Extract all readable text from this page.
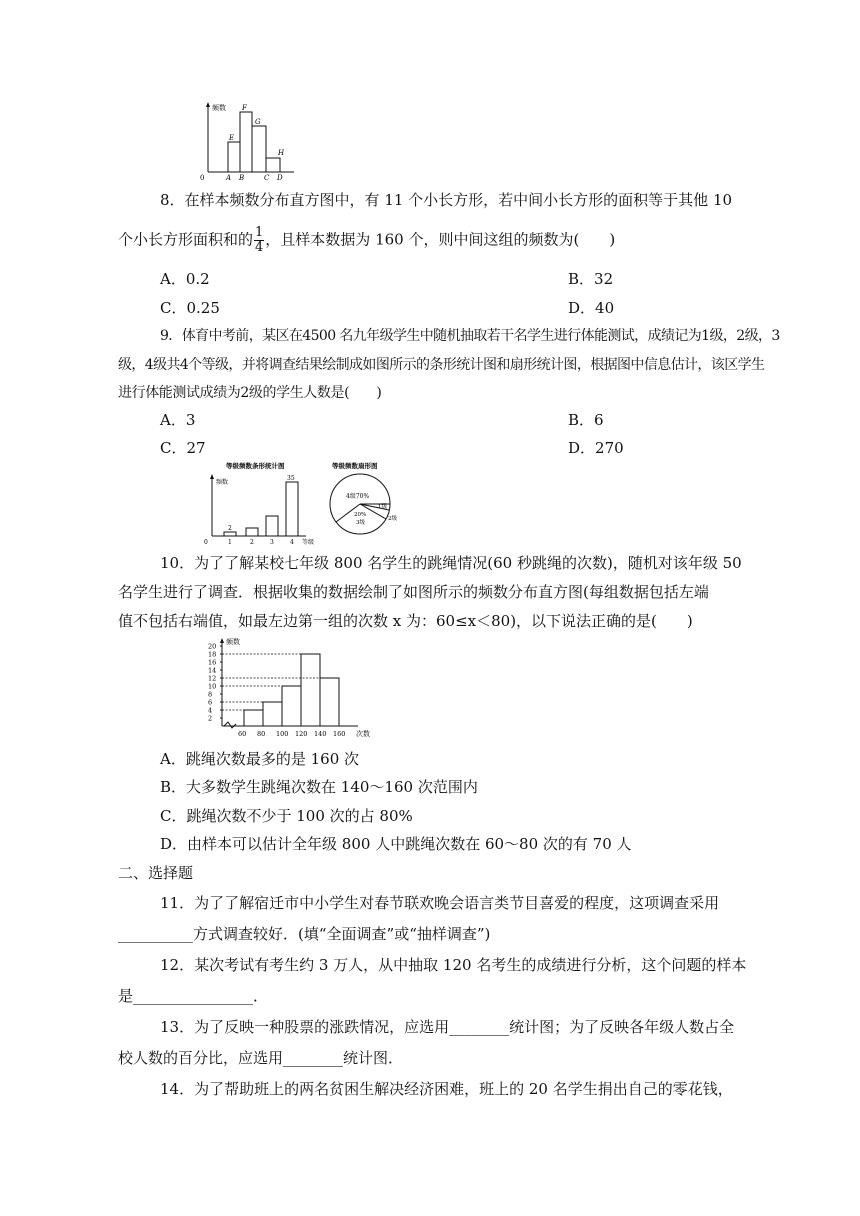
频数
0
E
F
G
H
A B	C D
8．在样本频数分布直方图中，有 11 个小长方形，若中间小长方形的面积等于其他 10
个小长方形面积和的 $\frac{1}{4}$ ，且样本数据为 160 个，则中间这组的频数为(　　)
A．0.2	B．32
C．0.25	D．40
9．体育中考前，某区在4500 名九年级学生中随机抽取若干名学生进行体能测试，成绩记为1级，2级，3
级，4级共4个等级，并将调查结果绘制成如图所示的条形统计图和扇形统计图，根据图中信息估计，该区学生
进行体能测试成绩为2级的学生人数是(　　)
A．3	B．6
C．27	D．270
等级频数条形统计图
频数
0
2
35
1	2	3	4 等级
等级频数扇形图
4级70%
1级
2级
20%
3级
10．为了了解某校七年级 800 名学生的跳绳情况(60 秒跳绳的次数)，随机对该年级 50
名学生进行了调查．根据收集的数据绘制了如图所示的频数分布直方图(每组数据包括左端
值不包括右端值，如最左边第一组的次数 x 为：60≤x＜80)，以下说法正确的是(　　)
频数
次数
2
4
6
8
10
12
14
16
18
20
60 80 100 120 140 160
A．跳绳次数最多的是 160 次
B．大多数学生跳绳次数在 140～160 次范围内
C．跳绳次数不少于 100 次的占 80%
D．由样本可以估计全年级 800 人中跳绳次数在 60～80 次的有 70 人
二、选择题
11．为了了解宿迁市中小学生对春节联欢晚会语言类节目喜爱的程度，这项调查采用
__________方式调查较好．(填“全面调查”或“抽样调查”)
12．某次考试有考生约 3 万人，从中抽取 120 名考生的成绩进行分析，这个问题的样本
是________________．
13．为了反映一种股票的涨跌情况，应选用________统计图；为了反映各年级人数占全
校人数的百分比，应选用________统计图．
14．为了帮助班上的两名贫困生解决经济困难，班上的 20 名学生捐出自己的零花钱，
